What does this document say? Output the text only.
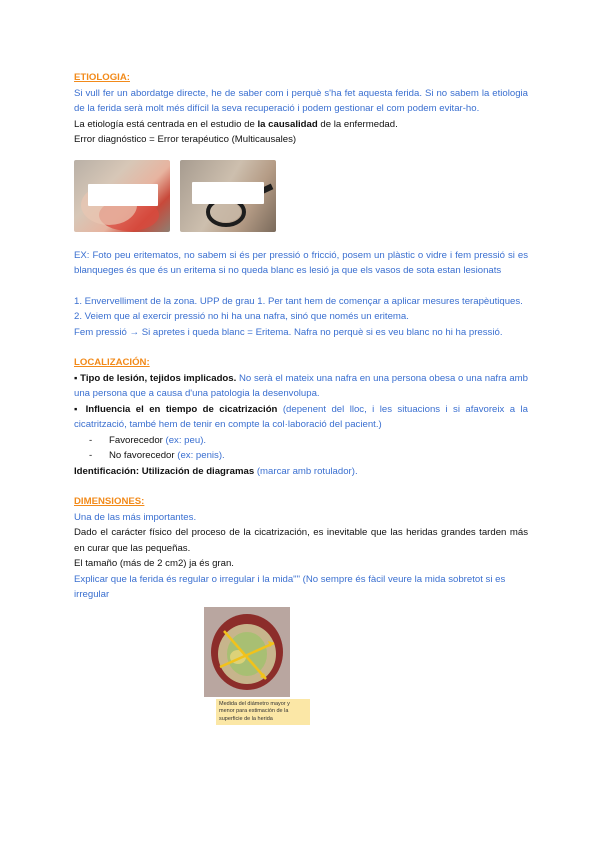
ETIOLOGIA:

Si vull fer un abordatge directe, he de saber com i perquè s'ha fet aquesta ferida. Si no sabem la etiologia de la ferida serà molt més difícil la seva recuperació i podem gestionar el com podem evitar-ho.

La etiología está centrada en el estudio de la causalidad de la enfermedad.

Error diagnóstico = Error terapéutico (Multicausales)

EX: Foto peu eritematos, no sabem si és per pressió o fricció, posem un plàstic o vidre i fem pressió si es blanqueges és que és un eritema si no queda blanc es lesió ja que els vasos de sota estan lesionats

1. Envervelliment de la zona. UPP de grau 1. Per tant hem de començar a aplicar mesures terapèutiques.

2. Veiem que al exercir pressió no hi ha una nafra, sinó que només un eritema.

Fem pressió → Si apretes i queda blanc = Eritema. Nafra no perquè si es veu blanc no hi ha pressió.

LOCALIZACIÓN:

▪ Tipo de lesión, tejidos implicados. No serà el mateix una nafra en una persona obesa o una nafra amb una persona que a causa d'una patologia la desenvolupa.

▪ Influencia el en tiempo de cicatrización (depenent del lloc, i les situacions i si afavoreix a la cicatrització, també hem de tenir en compte la col·laboració del pacient.)

- Favorecedor (ex: peu).

- No favorecedor (ex: penis).

Identificación: Utilización de diagramas (marcar amb rotulador).

DIMENSIONES:

Una de las más importantes.

Dado el carácter físico del proceso de la cicatrización, es inevitable que las heridas grandes tarden más en curar que las pequeñas.

El tamaño (más de 2 cm2) ja és gran.

Explicar que la ferida és regular o irregular i la mida"" (No sempre és fàcil veure la mida sobretot si es irregular

Medida del diámetro mayor y menor para estimación de la superficie de la herida
